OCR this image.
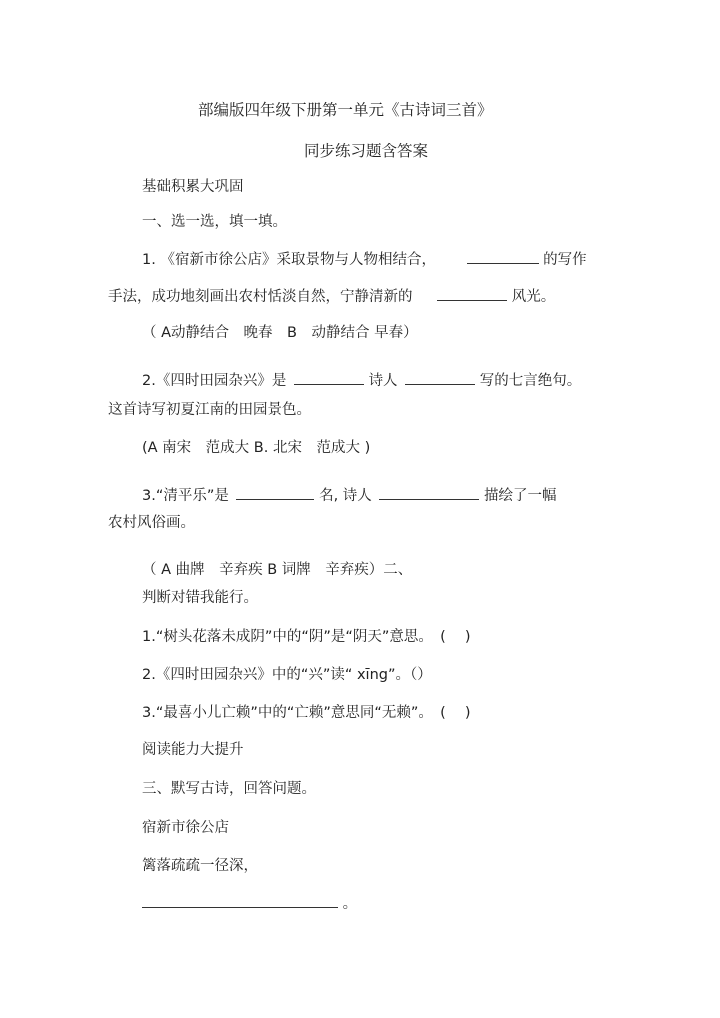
部编版四年级下册第一单元《古诗词三首》
同步练习题含答案
基础积累大巩固
一、选一选，填一填。
1. 《宿新市徐公店》采取景物与人物相结合，	的写作
手法，成功地刻画出农村恬淡自然，宁静清新的	风光。
（ A动静结合　晚春　B　动静结合 早春）
2.《四时田园杂兴》是	诗人	写的七言绝句。
这首诗写初夏江南的田园景色。
(A 南宋　范成大 B. 北宋　范成大 )
3.“清平乐”是	名, 诗人	描绘了一幅
农村风俗画。
（ A 曲牌　辛弃疾 B 词牌　辛弃疾）二、
判断对错我能行。
1.“树头花落未成阴”中的“阴”是“阴天”意思。　( 　)
2.《四时田园杂兴》中的“兴”读“ xīng”。（）
3.“最喜小儿亡赖”中的“亡赖”意思同“无赖”。　( 　)
阅读能力大提升
三、默写古诗，回答问题。
宿新市徐公店
篱落疏疏一径深，
。
